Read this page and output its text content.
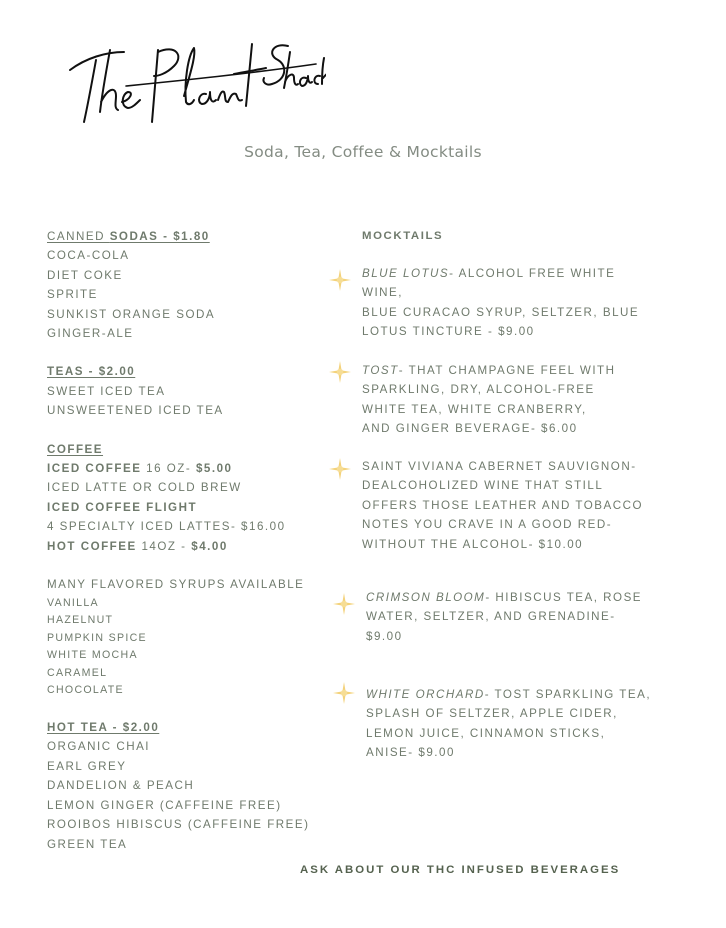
Soda, Tea, Coffee & Mocktails
CANNED SODAS - $1.80
COCA-COLA
DIET COKE
SPRITE
SUNKIST ORANGE SODA
GINGER-ALE
TEAS - $2.00
SWEET ICED TEA
UNSWEETENED ICED TEA
COFFEE
ICED COFFEE 16 OZ- $5.00
ICED LATTE OR COLD BREW
ICED COFFEE FLIGHT
4 SPECIALTY ICED LATTES- $16.00
HOT COFFEE 14OZ - $4.00
MANY FLAVORED SYRUPS AVAILABLE
VANILLA
HAZELNUT
PUMPKIN SPICE
WHITE MOCHA
CARAMEL
CHOCOLATE
HOT TEA - $2.00
ORGANIC CHAI
EARL GREY
DANDELION & PEACH
LEMON GINGER (CAFFEINE FREE)
ROOIBOS HIBISCUS (CAFFEINE FREE)
GREEN TEA
MOCKTAILS
BLUE LOTUS- ALCOHOL FREE WHITE
WINE,
BLUE CURACAO SYRUP, SELTZER, BLUE
LOTUS TINCTURE - $9.00
TOST- THAT CHAMPAGNE FEEL WITH
SPARKLING, DRY, ALCOHOL-FREE
WHITE TEA, WHITE CRANBERRY,
AND GINGER BEVERAGE- $6.00
SAINT VIVIANA CABERNET SAUVIGNON-
DEALCOHOLIZED WINE THAT STILL
OFFERS THOSE LEATHER AND TOBACCO
NOTES YOU CRAVE IN A GOOD RED-
WITHOUT THE ALCOHOL- $10.00
CRIMSON BLOOM- HIBISCUS TEA, ROSE
WATER, SELTZER, AND GRENADINE-
$9.00
WHITE ORCHARD- TOST SPARKLING TEA,
SPLASH OF SELTZER, APPLE CIDER,
LEMON JUICE, CINNAMON STICKS,
ANISE- $9.00
ASK ABOUT OUR THC INFUSED BEVERAGES
